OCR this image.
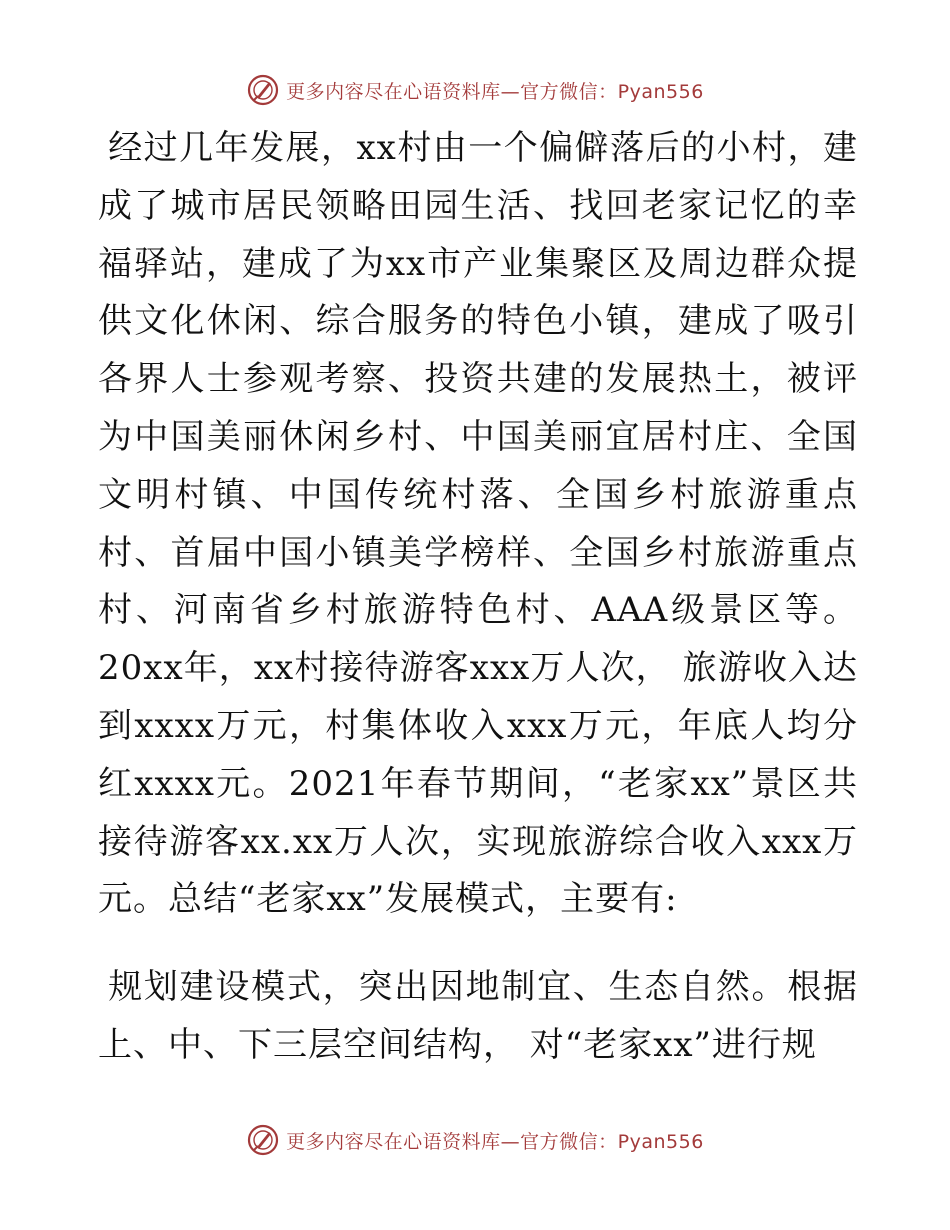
更多内容尽在心语资料库—官方微信：Pyan556

经过几年发展，xx村由一个偏僻落后的小村，建成了城市居民领略田园生活、找回老家记忆的幸福驿站，建成了为xx市产业集聚区及周边群众提供文化休闲、综合服务的特色小镇，建成了吸引各界人士参观考察、投资共建的发展热土，被评为中国美丽休闲乡村、中国美丽宜居村庄、全国文明村镇、中国传统村落、全国乡村旅游重点村、首届中国小镇美学榜样、全国乡村旅游重点村、河南省乡村旅游特色村、AAA级景区等。20xx年，xx村接待游客xxx万人次， 旅游收入达到xxxx万元，村集体收入xxx万元，年底人均分红xxxx元。2021年春节期间，“老家xx”景区共接待游客xx.xx万人次，实现旅游综合收入xxx万元。总结“老家xx”发展模式，主要有:

规划建设模式，突出因地制宜、生态自然。根据上、中、下三层空间结构， 对“老家xx”进行规

更多内容尽在心语资料库—官方微信：Pyan556
